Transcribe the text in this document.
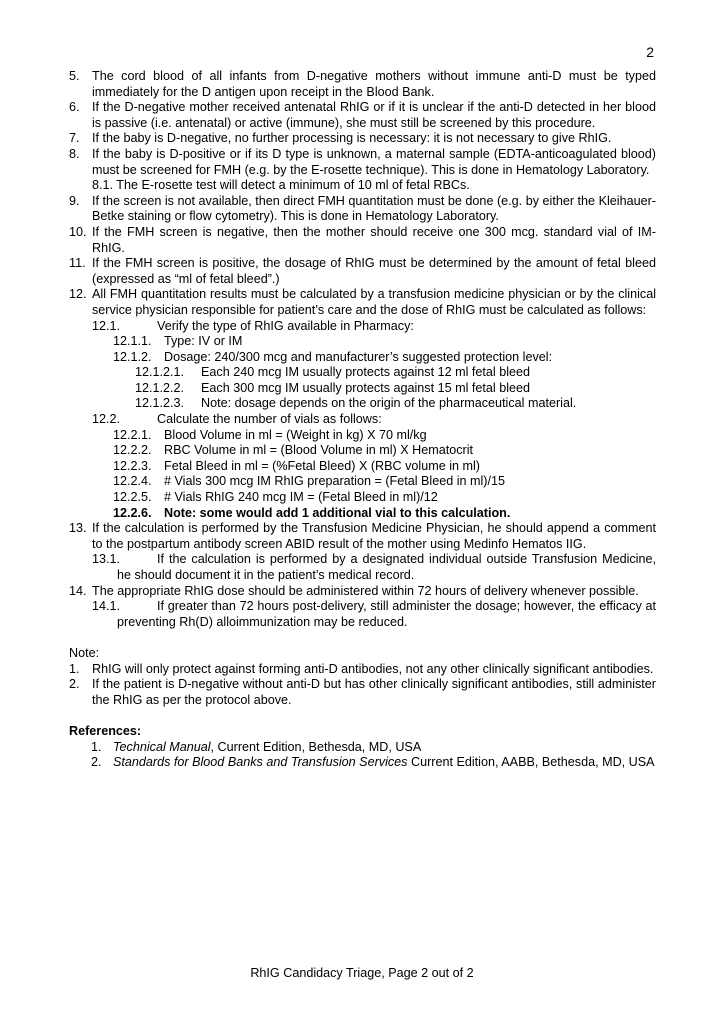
2
5. The cord blood of all infants from D-negative mothers without immune anti-D must be typed immediately for the D antigen upon receipt in the Blood Bank.
6. If the D-negative mother received antenatal RhIG or if it is unclear if the anti-D detected in her blood is passive (i.e. antenatal) or active (immune), she must still be screened by this procedure.
7. If the baby is D-negative, no further processing is necessary: it is not necessary to give RhIG.
8. If the baby is D-positive or if its D type is unknown, a maternal sample (EDTA-anticoagulated blood) must be screened for FMH (e.g. by the E-rosette technique). This is done in Hematology Laboratory.
8.1. The E-rosette test will detect a minimum of 10 ml of fetal RBCs.
9. If the screen is not available, then direct FMH quantitation must be done (e.g. by either the Kleihauer-Betke staining or flow cytometry). This is done in Hematology Laboratory.
10. If the FMH screen is negative, then the mother should receive one 300 mcg. standard vial of IM-RhIG.
11. If the FMH screen is positive, the dosage of RhIG must be determined by the amount of fetal bleed (expressed as “ml of fetal bleed”.)
12. All FMH quantitation results must be calculated by a transfusion medicine physician or by the clinical service physician responsible for patient’s care and the dose of RhIG must be calculated as follows:
12.1.	Verify the type of RhIG available in Pharmacy:
12.1.1. Type: IV or IM
12.1.2. Dosage: 240/300 mcg and manufacturer’s suggested protection level:
12.1.2.1. Each 240 mcg IM usually protects against 12 ml fetal bleed
12.1.2.2. Each 300 mcg IM usually protects against 15 ml fetal bleed
12.1.2.3. Note: dosage depends on the origin of the pharmaceutical material.
12.2.	Calculate the number of vials as follows:
12.2.1. Blood Volume in ml = (Weight in kg) X 70 ml/kg
12.2.2. RBC Volume in ml = (Blood Volume in ml) X Hematocrit
12.2.3. Fetal Bleed in ml = (%Fetal Bleed) X (RBC volume in ml)
12.2.4. # Vials 300 mcg IM RhIG preparation = (Fetal Bleed in ml)/15
12.2.5. # Vials RhIG 240 mcg IM = (Fetal Bleed in ml)/12
12.2.6. Note: some would add 1 additional vial to this calculation.
13. If the calculation is performed by the Transfusion Medicine Physician, he should append a comment to the postpartum antibody screen ABID result of the mother using Medinfo Hematos IIG.
13.1.	If the calculation is performed by a designated individual outside Transfusion Medicine, he should document it in the patient’s medical record.
14. The appropriate RhIG dose should be administered within 72 hours of delivery whenever possible.
14.1.	If greater than 72 hours post-delivery, still administer the dosage; however, the efficacy at preventing Rh(D) alloimmunization may be reduced.
Note:
1. RhIG will only protect against forming anti-D antibodies, not any other clinically significant antibodies.
2. If the patient is D-negative without anti-D but has other clinically significant antibodies, still administer the RhIG as per the protocol above.
References:
1. Technical Manual, Current Edition, Bethesda, MD, USA
2. Standards for Blood Banks and Transfusion Services Current Edition, AABB, Bethesda, MD, USA
RhIG Candidacy Triage, Page 2 out of 2
